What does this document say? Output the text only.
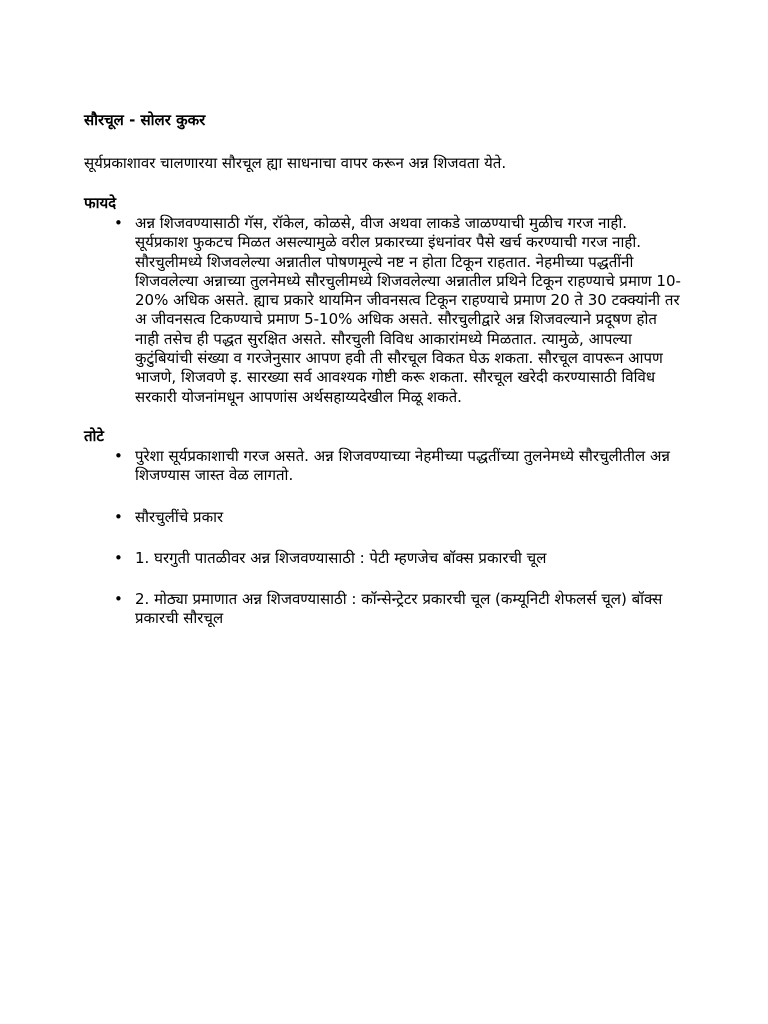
सौरचूल - सोलर कुकर

सूर्यप्रकाशावर चालणारया सौरचूल ह्या साधनाचा वापर करून अन्न शिजवता येते.

फायदे

• अन्न शिजवण्यासाठी गॅस, रॉकेल, कोळसे, वीज अथवा लाकडे जाळण्याची मुळीच गरज नाही. सूर्यप्रकाश फुकटच मिळत असल्यामुळे वरील प्रकारच्या इंधनांवर पैसे खर्च करण्याची गरज नाही. सौरचुलीमध्ये शिजवलेल्या अन्नातील पोषणमूल्ये नष्ट न होता टिकून राहतात. नेहमीच्या पद्धतींनी शिजवलेल्या अन्नाच्या तुलनेमध्ये सौरचुलीमध्ये शिजवलेल्या अन्नातील प्रथिने टिकून राहण्याचे प्रमाण 10-20% अधिक असते. ह्याच प्रकारे थायमिन जीवनसत्व टिकून राहण्याचे प्रमाण 20 ते 30 टक्क्यांनी तर अ जीवनसत्व टिकण्याचे प्रमाण 5-10% अधिक असते. सौरचुलीद्वारे अन्न शिजवल्याने प्रदूषण होत नाही तसेच ही पद्धत सुरक्षित असते. सौरचुली विविध आकारांमध्ये मिळतात. त्यामुळे, आपल्या कुटुंबियांची संख्या व गरजेनुसार आपण हवी ती सौरचूल विकत घेऊ शकता. सौरचूल वापरून आपण भाजणे, शिजवणे इ. सारख्या सर्व आवश्यक गोष्टी करू शकता. सौरचूल खरेदी करण्यासाठी विविध सरकारी योजनांमधून आपणांस अर्थसहाय्यदेखील मिळू शकते.

तोटे

• पुरेशा सूर्यप्रकाशाची गरज असते. अन्न शिजवण्याच्या नेहमीच्या पद्धतींच्या तुलनेमध्ये सौरचुलीतील अन्न शिजण्यास जास्त वेळ लागतो.
• सौरचुलींचे प्रकार
• 1. घरगुती पातळीवर अन्न शिजवण्यासाठी : पेटी म्हणजेच बॉक्स प्रकारची चूल
• 2. मोठ्या प्रमाणात अन्न शिजवण्यासाठी : कॉन्सेन्ट्रेटर प्रकारची चूल (कम्यूनिटी शेफलर्स चूल) बॉक्स प्रकारची सौरचूल
